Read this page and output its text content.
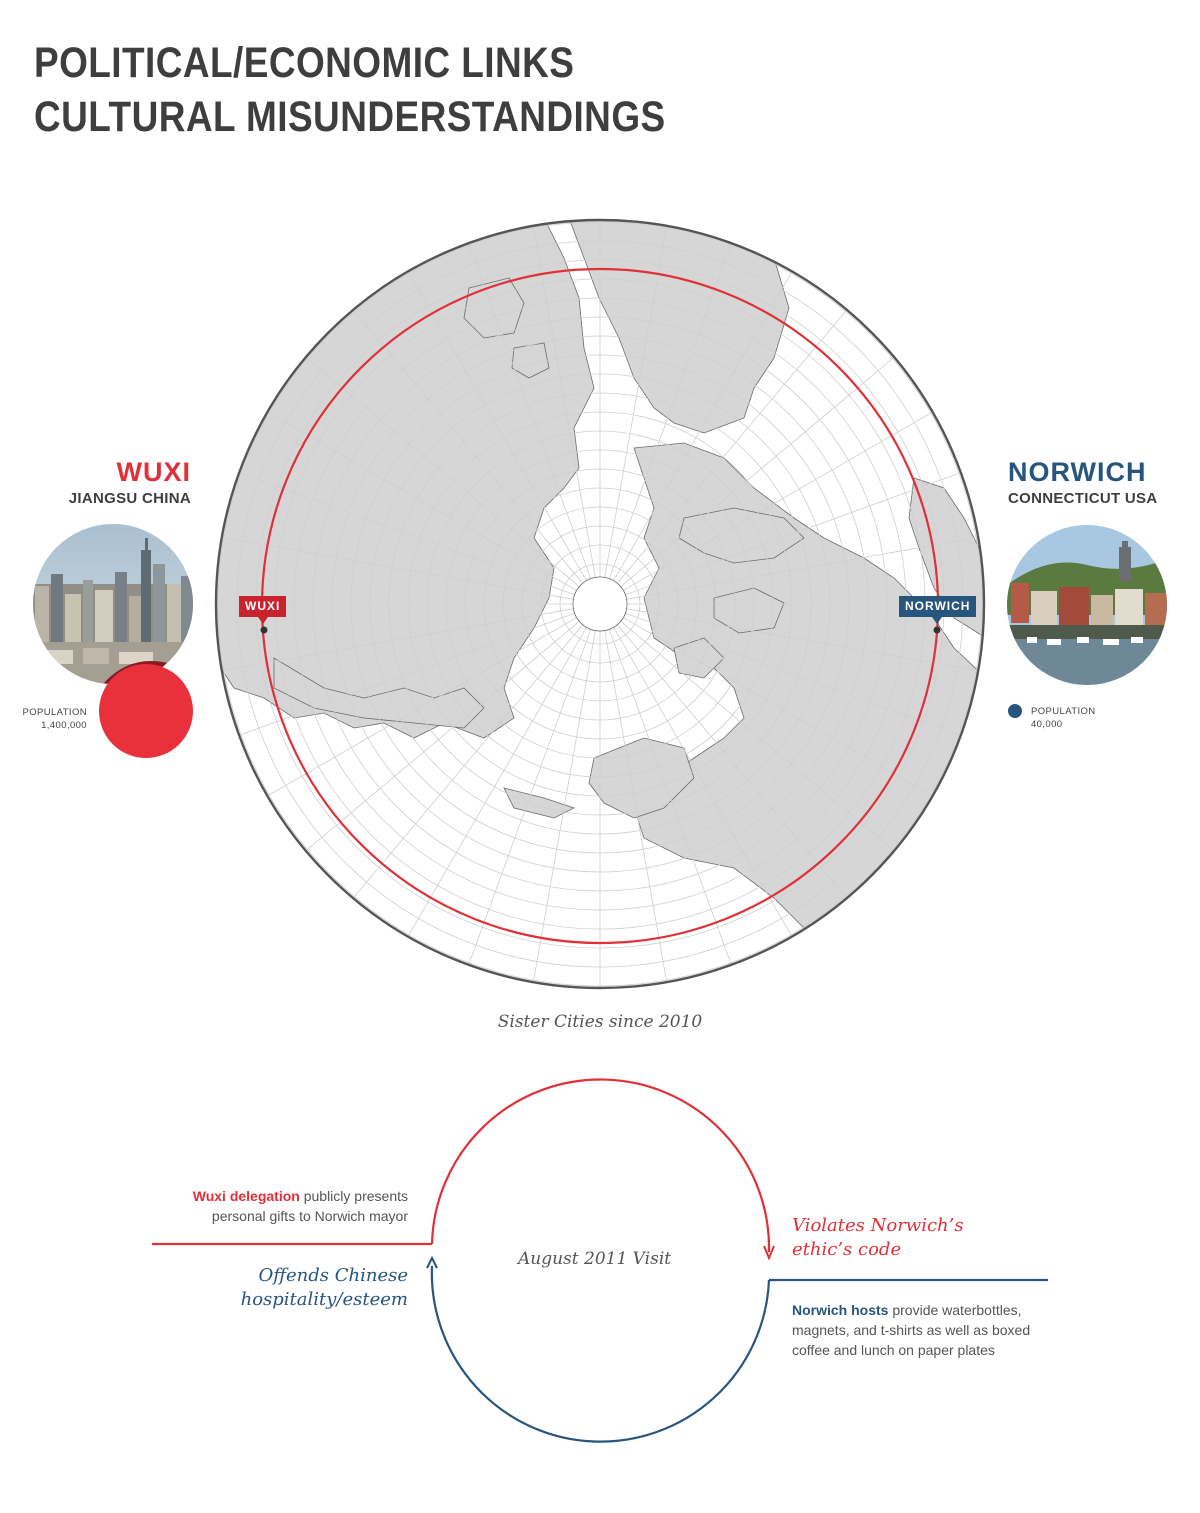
POLITICAL/ECONOMIC LINKS
CULTURAL MISUNDERSTANDINGS
WUXI
JIANGSU CHINA
POPULATION
1,400,000
NORWICH
CONNECTICUT USA
POPULATION
40,000
WUXI	NORWICH
Sister Cities since 2010
Wuxi delegation publicly presents
personal gifts to Norwich mayor	Violates Norwich’s
ethic’s code
August 2011 Visit
Offends Chinese
hospitality/esteem	Norwich hosts provide waterbottles,
magnets, and t-shirts as well as boxed
coffee and lunch on paper plates
